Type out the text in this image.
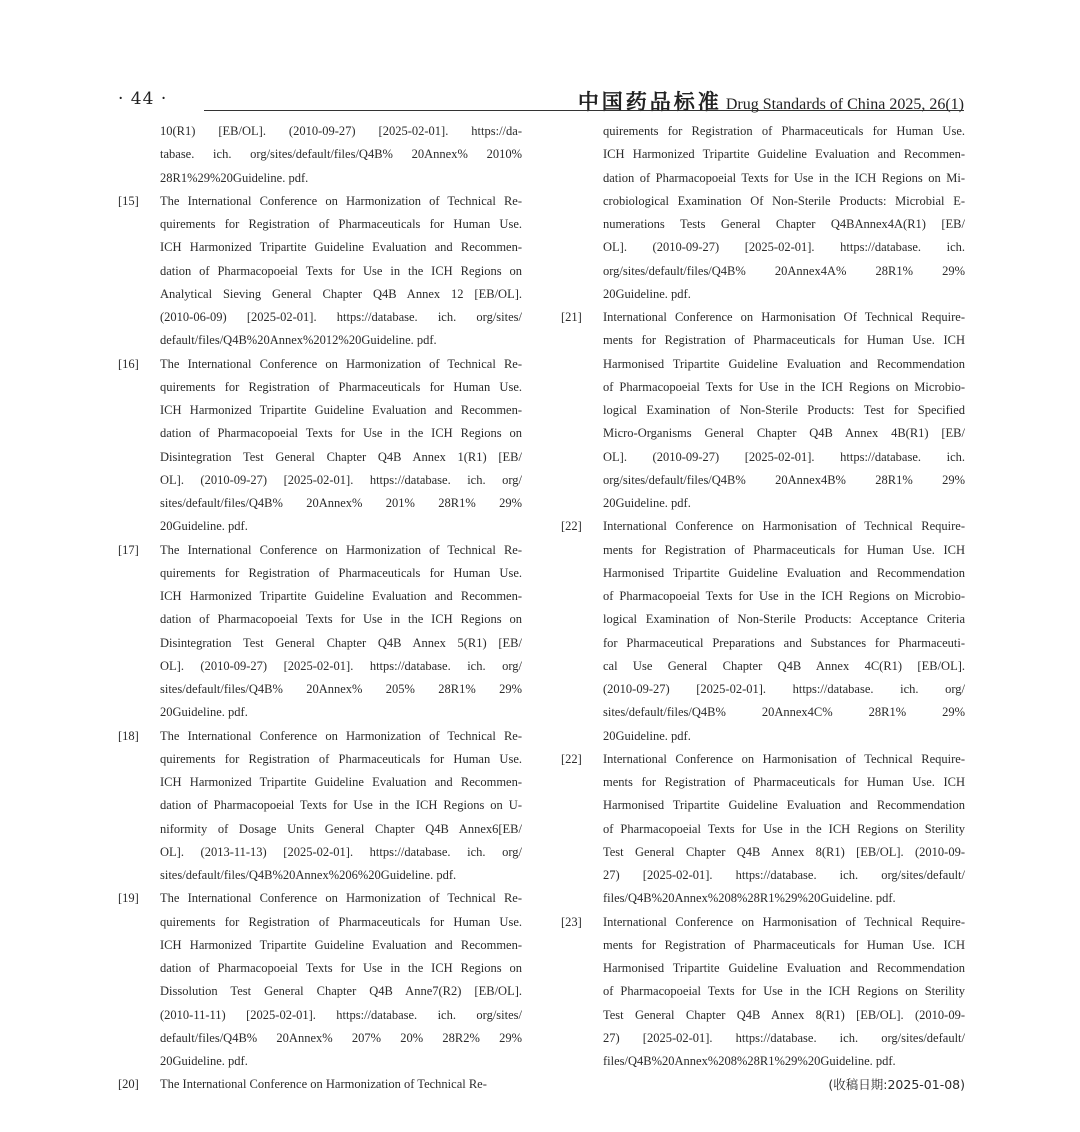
· 44 ·	中国药品标准 Drug Standards of China 2025, 26(1)
10(R1) [EB/OL]. (2010-09-27) [2025-02-01]. https://da-
tabase. ich. org/sites/default/files/Q4B% 20Annex% 2010%
28R1%29%20Guideline. pdf.
[15] The International Conference on Harmonization of Technical Re-
quirements for Registration of Pharmaceuticals for Human Use.
ICH Harmonized Tripartite Guideline Evaluation and Recommen-
dation of Pharmacopoeial Texts for Use in the ICH Regions on
Analytical Sieving General Chapter Q4B Annex 12 [EB/OL].
(2010-06-09) [2025-02-01]. https://database. ich. org/sites/
default/files/Q4B%20Annex%2012%20Guideline. pdf.
[16] The International Conference on Harmonization of Technical Re-
quirements for Registration of Pharmaceuticals for Human Use.
ICH Harmonized Tripartite Guideline Evaluation and Recommen-
dation of Pharmacopoeial Texts for Use in the ICH Regions on
Disintegration Test General Chapter Q4B Annex 1(R1) [EB/
OL]. (2010-09-27) [2025-02-01]. https://database. ich. org/
sites/default/files/Q4B% 20Annex% 201% 28R1% 29%
20Guideline. pdf.
[17] The International Conference on Harmonization of Technical Re-
quirements for Registration of Pharmaceuticals for Human Use.
ICH Harmonized Tripartite Guideline Evaluation and Recommen-
dation of Pharmacopoeial Texts for Use in the ICH Regions on
Disintegration Test General Chapter Q4B Annex 5(R1) [EB/
OL]. (2010-09-27) [2025-02-01]. https://database. ich. org/
sites/default/files/Q4B% 20Annex% 205% 28R1% 29%
20Guideline. pdf.
[18] The International Conference on Harmonization of Technical Re-
quirements for Registration of Pharmaceuticals for Human Use.
ICH Harmonized Tripartite Guideline Evaluation and Recommen-
dation of Pharmacopoeial Texts for Use in the ICH Regions on U-
niformity of Dosage Units General Chapter Q4B Annex6[EB/
OL]. (2013-11-13) [2025-02-01]. https://database. ich. org/
sites/default/files/Q4B%20Annex%206%20Guideline. pdf.
[19] The International Conference on Harmonization of Technical Re-
quirements for Registration of Pharmaceuticals for Human Use.
ICH Harmonized Tripartite Guideline Evaluation and Recommen-
dation of Pharmacopoeial Texts for Use in the ICH Regions on
Dissolution Test General Chapter Q4B Anne7(R2) [EB/OL].
(2010-11-11) [2025-02-01]. https://database. ich. org/sites/
default/files/Q4B% 20Annex% 207% 20% 28R2% 29%
20Guideline. pdf.
[20] The International Conference on Harmonization of Technical Re-
quirements for Registration of Pharmaceuticals for Human Use.
ICH Harmonized Tripartite Guideline Evaluation and Recommen-
dation of Pharmacopoeial Texts for Use in the ICH Regions on Mi-
crobiological Examination Of Non-Sterile Products: Microbial E-
numerations Tests General Chapter Q4BAnnex4A(R1) [EB/
OL]. (2010-09-27) [2025-02-01]. https://database. ich.
org/sites/default/files/Q4B% 20Annex4A% 28R1% 29%
20Guideline. pdf.
[21] International Conference on Harmonisation Of Technical Require-
ments for Registration of Pharmaceuticals for Human Use. ICH
Harmonised Tripartite Guideline Evaluation and Recommendation
of Pharmacopoeial Texts for Use in the ICH Regions on Microbio-
logical Examination of Non-Sterile Products: Test for Specified
Micro-Organisms General Chapter Q4B Annex 4B(R1) [EB/
OL]. (2010-09-27) [2025-02-01]. https://database. ich.
org/sites/default/files/Q4B% 20Annex4B% 28R1% 29%
20Guideline. pdf.
[22] International Conference on Harmonisation of Technical Require-
ments for Registration of Pharmaceuticals for Human Use. ICH
Harmonised Tripartite Guideline Evaluation and Recommendation
of Pharmacopoeial Texts for Use in the ICH Regions on Microbio-
logical Examination of Non-Sterile Products: Acceptance Criteria
for Pharmaceutical Preparations and Substances for Pharmaceuti-
cal Use General Chapter Q4B Annex 4C(R1) [EB/OL].
(2010-09-27) [2025-02-01]. https://database. ich. org/
sites/default/files/Q4B% 20Annex4C% 28R1% 29%
20Guideline. pdf.
[22] International Conference on Harmonisation of Technical Require-
ments for Registration of Pharmaceuticals for Human Use. ICH
Harmonised Tripartite Guideline Evaluation and Recommendation
of Pharmacopoeial Texts for Use in the ICH Regions on Sterility
Test General Chapter Q4B Annex 8(R1) [EB/OL]. (2010-09-
27) [2025-02-01]. https://database. ich. org/sites/default/
files/Q4B%20Annex%208%28R1%29%20Guideline. pdf.
[23] International Conference on Harmonisation of Technical Require-
ments for Registration of Pharmaceuticals for Human Use. ICH
Harmonised Tripartite Guideline Evaluation and Recommendation
of Pharmacopoeial Texts for Use in the ICH Regions on Sterility
Test General Chapter Q4B Annex 8(R1) [EB/OL]. (2010-09-
27) [2025-02-01]. https://database. ich. org/sites/default/
files/Q4B%20Annex%208%28R1%29%20Guideline. pdf.
(收稿日期:2025-01-08)
